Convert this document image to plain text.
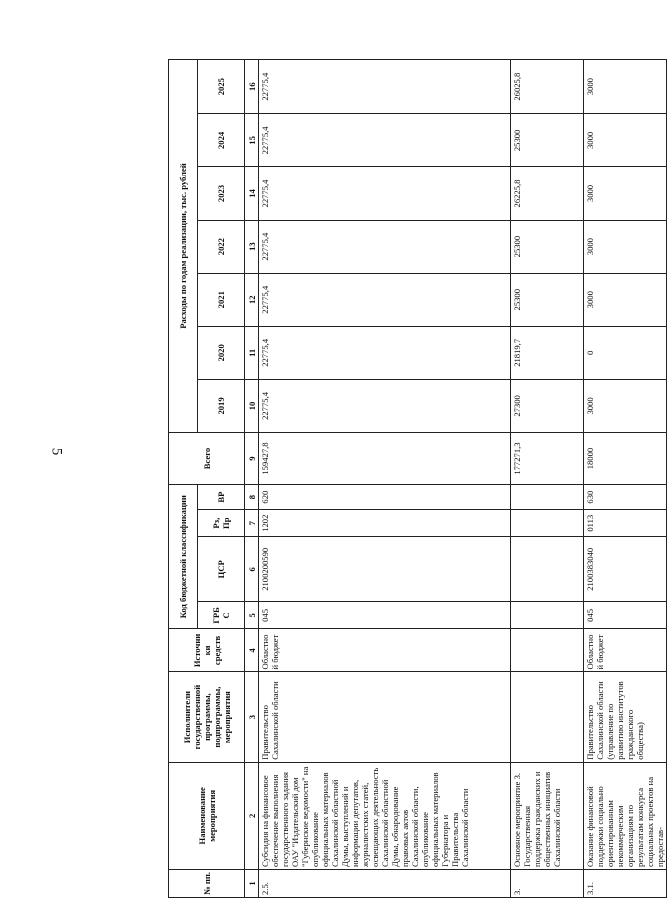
5
№ пп.	Наименование мероприятия	Исполнители государственной программы, подпрограммы, мероприятия	Источники средств	Код бюджетной классификации				Всего	Расходы по годам реализации, тыс. рублей						
				ГРБС	ЦСР	Рз, Пр	ВР		2019	2020	2021	2022	2023	2024	2025
1	2	3	4	5	6	7	8	9	10	11	12	13	14	15	16
2.5.	Субсидия на финансовое обеспечение выполнения государственного задания ОАУ "Издательский дом "Губернские ведомости" на опубликование официальных материалов Сахалинской областной Думы, выступлений и информации депутатов, журналистских статей, освещающих деятельность Сахалинской областной Думы, обнародование правовых актов Сахалинской области, опубликование официальных материалов Губернатора и Правительства Сахалинской области	Правительство Сахалинской области	Областной бюджет	045	2100200590	1202	620	159427,8	22775,4	22775,4	22775,4	22775,4	22775,4	22775,4	22775,4
3.	Основное мероприятие 3. Государственная поддержка гражданских и общественных инициатив Сахалинской области							177271,3	27300	21819,7	25300	25300	26225,8	25300	26025,8
3.1.	Оказание финансовой поддержки социально ориентированным некоммерческим организациям по результатам конкурса социальных проектов на предостав-	Правительство Сахалинской области (управление по развитию институтов гражданского общества)	Областной бюджет	045	2100383040	0113	630	18000	3000	0	3000	3000	3000	3000	3000
